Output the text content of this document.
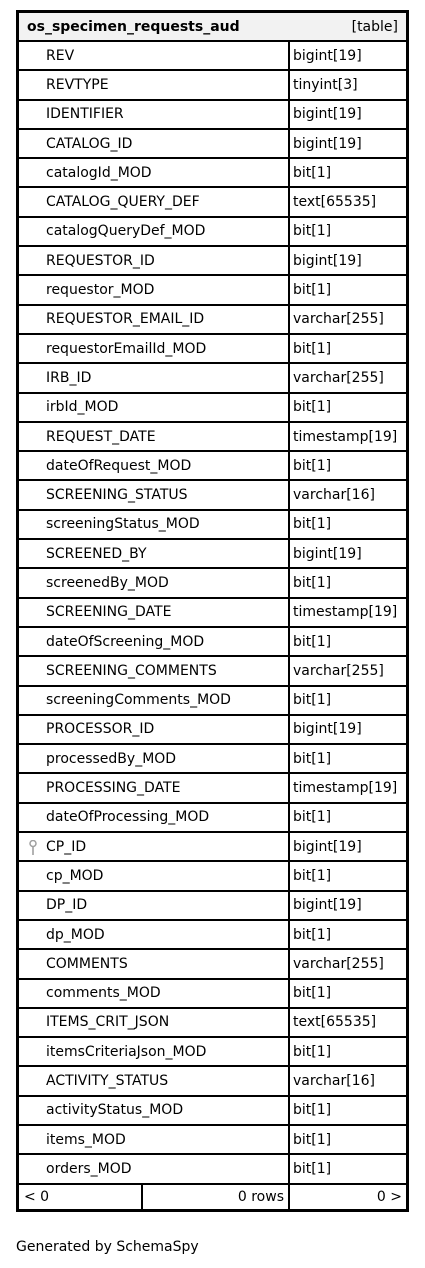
os_specimen_requests_aud	[table]
REV	bigint[19]
REVTYPE	tinyint[3]
IDENTIFIER	bigint[19]
CATALOG_ID	bigint[19]
catalogId_MOD	bit[1]
CATALOG_QUERY_DEF	text[65535]
catalogQueryDef_MOD	bit[1]
REQUESTOR_ID	bigint[19]
requestor_MOD	bit[1]
REQUESTOR_EMAIL_ID	varchar[255]
requestorEmailId_MOD	bit[1]
IRB_ID	varchar[255]
irbId_MOD	bit[1]
REQUEST_DATE	timestamp[19]
dateOfRequest_MOD	bit[1]
SCREENING_STATUS	varchar[16]
screeningStatus_MOD	bit[1]
SCREENED_BY	bigint[19]
screenedBy_MOD	bit[1]
SCREENING_DATE	timestamp[19]
dateOfScreening_MOD	bit[1]
SCREENING_COMMENTS	varchar[255]
screeningComments_MOD	bit[1]
PROCESSOR_ID	bigint[19]
processedBy_MOD	bit[1]
PROCESSING_DATE	timestamp[19]
dateOfProcessing_MOD	bit[1]
CP_ID	bigint[19]
cp_MOD	bit[1]
DP_ID	bigint[19]
dp_MOD	bit[1]
COMMENTS	varchar[255]
comments_MOD	bit[1]
ITEMS_CRIT_JSON	text[65535]
itemsCriteriaJson_MOD	bit[1]
ACTIVITY_STATUS	varchar[16]
activityStatus_MOD	bit[1]
items_MOD	bit[1]
orders_MOD	bit[1]
< 0	0 rows	0 >
Generated by SchemaSpy
